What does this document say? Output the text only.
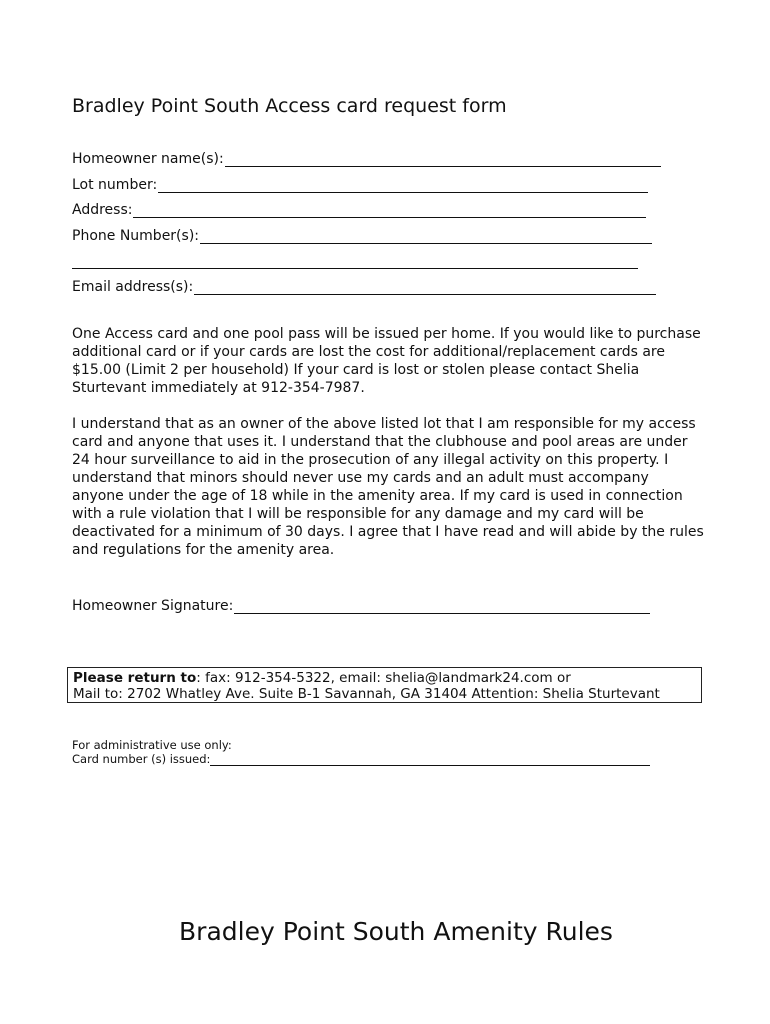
Bradley Point South Access card request form
Homeowner name(s):
Lot number:
Address:
Phone Number(s):
Email address(s):

One Access card and one pool pass will be issued per home. If you would like to purchase additional card or if your cards are lost the cost for additional/replacement cards are $15.00 (Limit 2 per household) If your card is lost or stolen please contact Shelia Sturtevant immediately at 912-354-7987.

I understand that as an owner of the above listed lot that I am responsible for my access card and anyone that uses it. I understand that the clubhouse and pool areas are under 24 hour surveillance to aid in the prosecution of any illegal activity on this property. I understand that minors should never use my cards and an adult must accompany anyone under the age of 18 while in the amenity area. If my card is used in connection with a rule violation that I will be responsible for any damage and my card will be deactivated for a minimum of 30 days. I agree that I have read and will abide by the rules and regulations for the amenity area.

Homeowner Signature:
Please return to: fax: 912-354-5322, email: shelia@landmark24.com or
Mail to: 2702 Whatley Ave. Suite B-1 Savannah, GA 31404 Attention: Shelia Sturtevant
For administrative use only:
Card number (s) issued:
Bradley Point South Amenity Rules
